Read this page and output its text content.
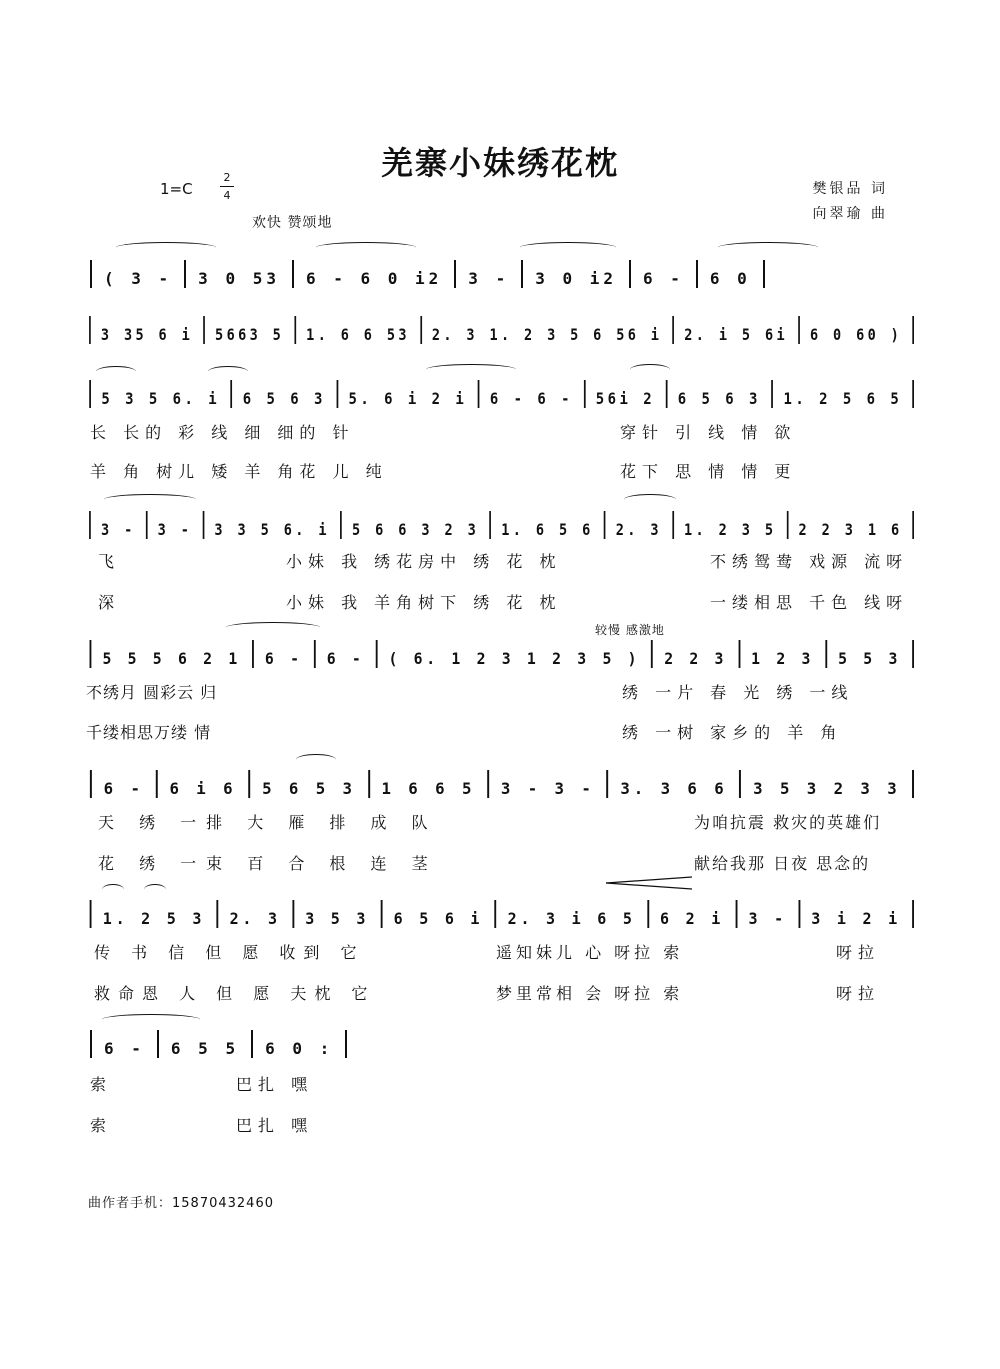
羌寨小妹绣花枕
1=C
2
4
欢快 赞颂地
樊银品 词
向翠瑜 曲
( 3 -	3 0 53	6 - 6 0 i2	3 -	3 0 i2	6 -	6 0
3 35 6 i	5663 5	1. 6 6 53	2. 3 1. 2 3 5 6 56 i	2. i 5 6i	6 0 60 )
5 3 5 6. i	6 5 6 3	5. 6 i 2 i	6 - 6 -	56i 2	6 5 6 3	1. 2 5 6 5
3 -	3 -	3 3 5 6. i	5 6 6 3 2 3	1. 6 5 6	2. 3	1. 2 3 5	2 2 3 1 6
5 5 5 6 2 1	6 -	6 -	( 6. 1 2 3 1 2 3 5 )	2 2 3	1 2 3	5 5 3
6 -	6 i 6	5 6 5 3	1 6 6 5	3 - 3 -	3. 3 6 6	3 5 3 2 3 3
1. 2 5 3	2. 3	3 5 3	6 5 6 i	2. 3 i 6 5	6 2 i	3 -	3 i 2 i
6 -	6 5 5	6 0 :
较慢 感激地
长 长的 彩 线 细 细的 针	穿针 引 线 情 欲
羊 角 树儿 矮 羊 角花 儿 纯	花下 思 情 情 更
飞	小妹 我 绣花房中 绣 花 枕	不绣鸳鸯 戏源 流呀
深	小妹 我 羊角树下 绣 花 枕	一缕相思 千色 线呀
不绣月 圆彩云 归	绣 一片 春 光 绣 一线
千缕相思万缕 情	绣 一树 家乡的 羊 角
天 绣 一排 大 雁 排 成 队	为咱抗震 救灾的英雄们
花 绣 一束 百 合 根 连 茎	献给我那 日夜 思念的
传 书 信 但 愿 收到 它	遥知妹儿 心 呀拉 索	呀拉
救命恩 人 但 愿 夫枕 它	梦里常相 会 呀拉 索	呀拉
索	巴扎 嘿
索	巴扎 嘿
曲作者手机：15870432460
